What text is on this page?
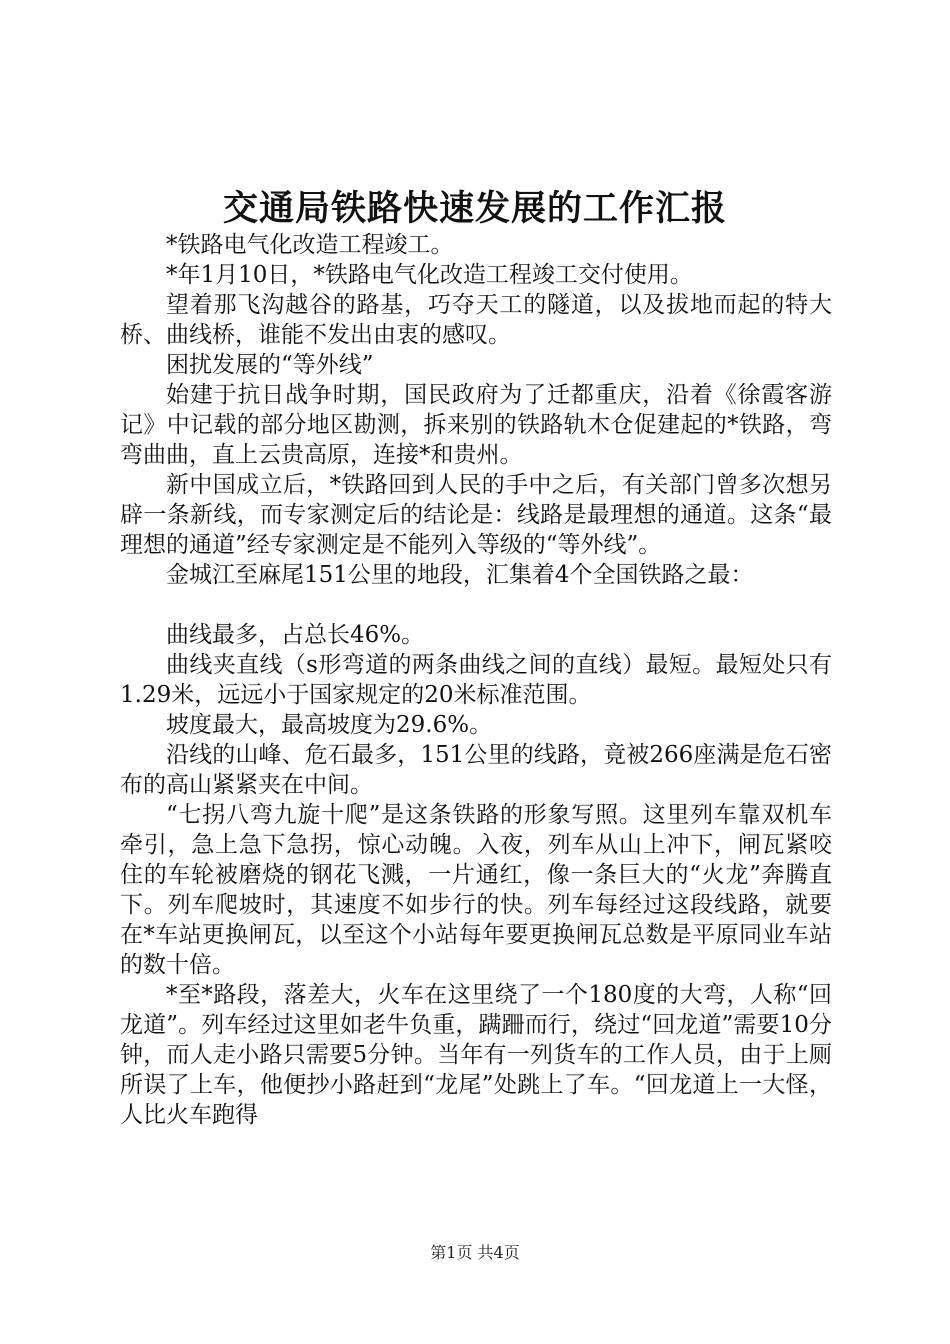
交通局铁路快速发展的工作汇报

*铁路电气化改造工程竣工。

*年1月10日，*铁路电气化改造工程竣工交付使用。

望着那飞沟越谷的路基，巧夺天工的隧道，以及拔地而起的特大桥、曲线桥，谁能不发出由衷的感叹。

困扰发展的“等外线”

始建于抗日战争时期，国民政府为了迁都重庆，沿着《徐霞客游记》中记载的部分地区勘测，拆来别的铁路轨木仓促建起的*铁路，弯弯曲曲，直上云贵高原，连接*和贵州。

新中国成立后，*铁路回到人民的手中之后，有关部门曾多次想另辟一条新线，而专家测定后的结论是：线路是最理想的通道。这条“最理想的通道”经专家测定是不能列入等级的“等外线”。

金城江至麻尾151公里的地段，汇集着4个全国铁路之最：

曲线最多，占总长46%。

曲线夹直线（s形弯道的两条曲线之间的直线）最短。最短处只有1.29米，远远小于国家规定的20米标准范围。

坡度最大，最高坡度为29.6%。

沿线的山峰、危石最多，151公里的线路，竟被266座满是危石密布的高山紧紧夹在中间。

“七拐八弯九旋十爬”是这条铁路的形象写照。这里列车靠双机车牵引，急上急下急拐，惊心动魄。入夜，列车从山上冲下，闸瓦紧咬住的车轮被磨烧的钢花飞溅，一片通红，像一条巨大的“火龙”奔腾直下。列车爬坡时，其速度不如步行的快。列车每经过这段线路，就要在*车站更换闸瓦，以至这个小站每年要更换闸瓦总数是平原同业车站的数十倍。

*至*路段，落差大，火车在这里绕了一个180度的大弯，人称“回龙道”。列车经过这里如老牛负重，蹒跚而行，绕过“回龙道”需要10分钟，而人走小路只需要5分钟。当年有一列货车的工作人员，由于上厕所误了上车，他便抄小路赶到“龙尾”处跳上了车。“回龙道上一大怪，人比火车跑得

第1页 共4页
